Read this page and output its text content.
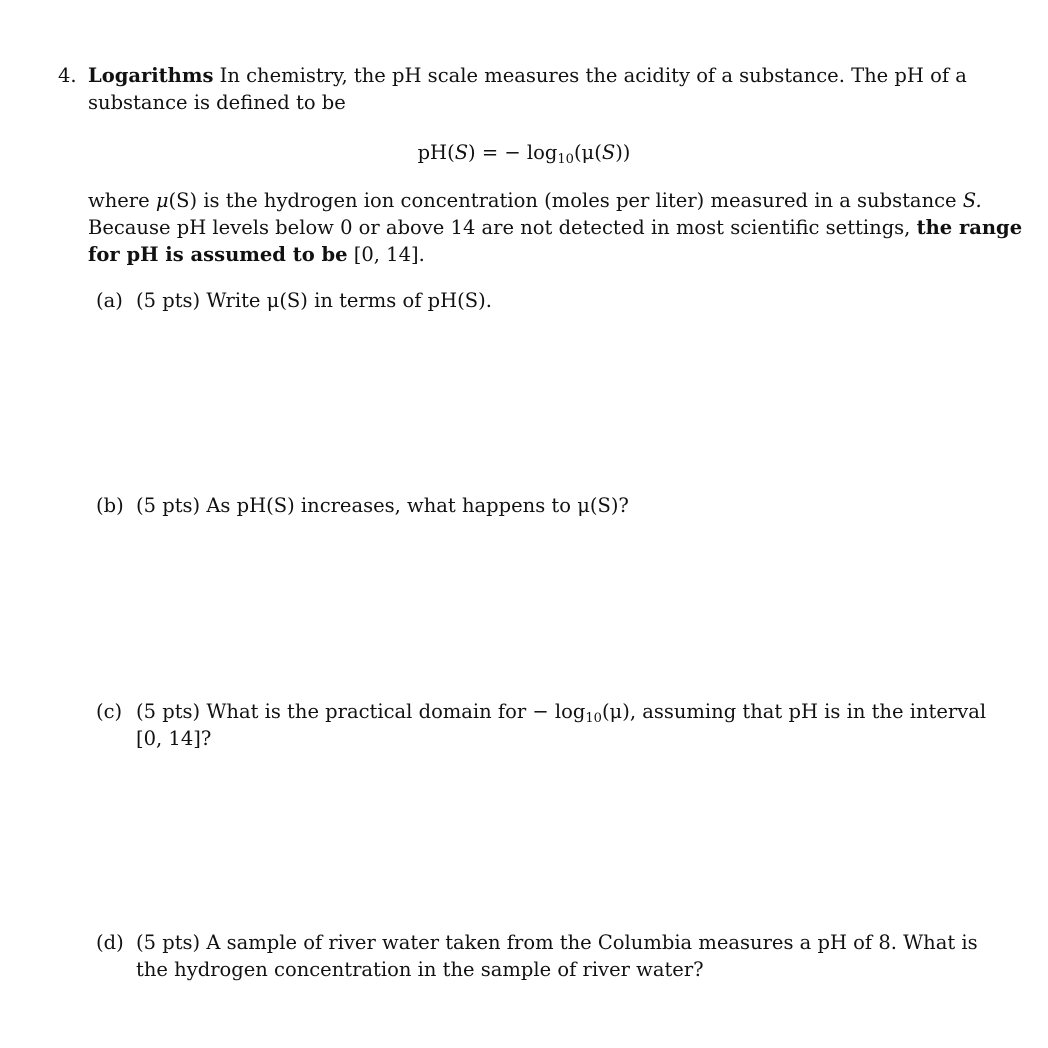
4. Logarithms In chemistry, the pH scale measures the acidity of a substance. The pH of a
substance is defined to be
pH(S) = − $\log_{10}(\mu(S))$
where μ(S) is the hydrogen ion concentration (moles per liter) measured in a substance S.
Because pH levels below 0 or above 14 are not detected in most scientific settings, the range
for pH is assumed to be [0, 14].
(a) (5 pts) Write μ(S) in terms of pH(S).
(b) (5 pts) As pH(S) increases, what happens to μ(S)?
(c) (5 pts) What is the practical domain for − $\log_{10}(\mu)$, assuming that pH is in the interval
[0, 14]?
(d) (5 pts) A sample of river water taken from the Columbia measures a pH of 8. What is
the hydrogen concentration in the sample of river water?
